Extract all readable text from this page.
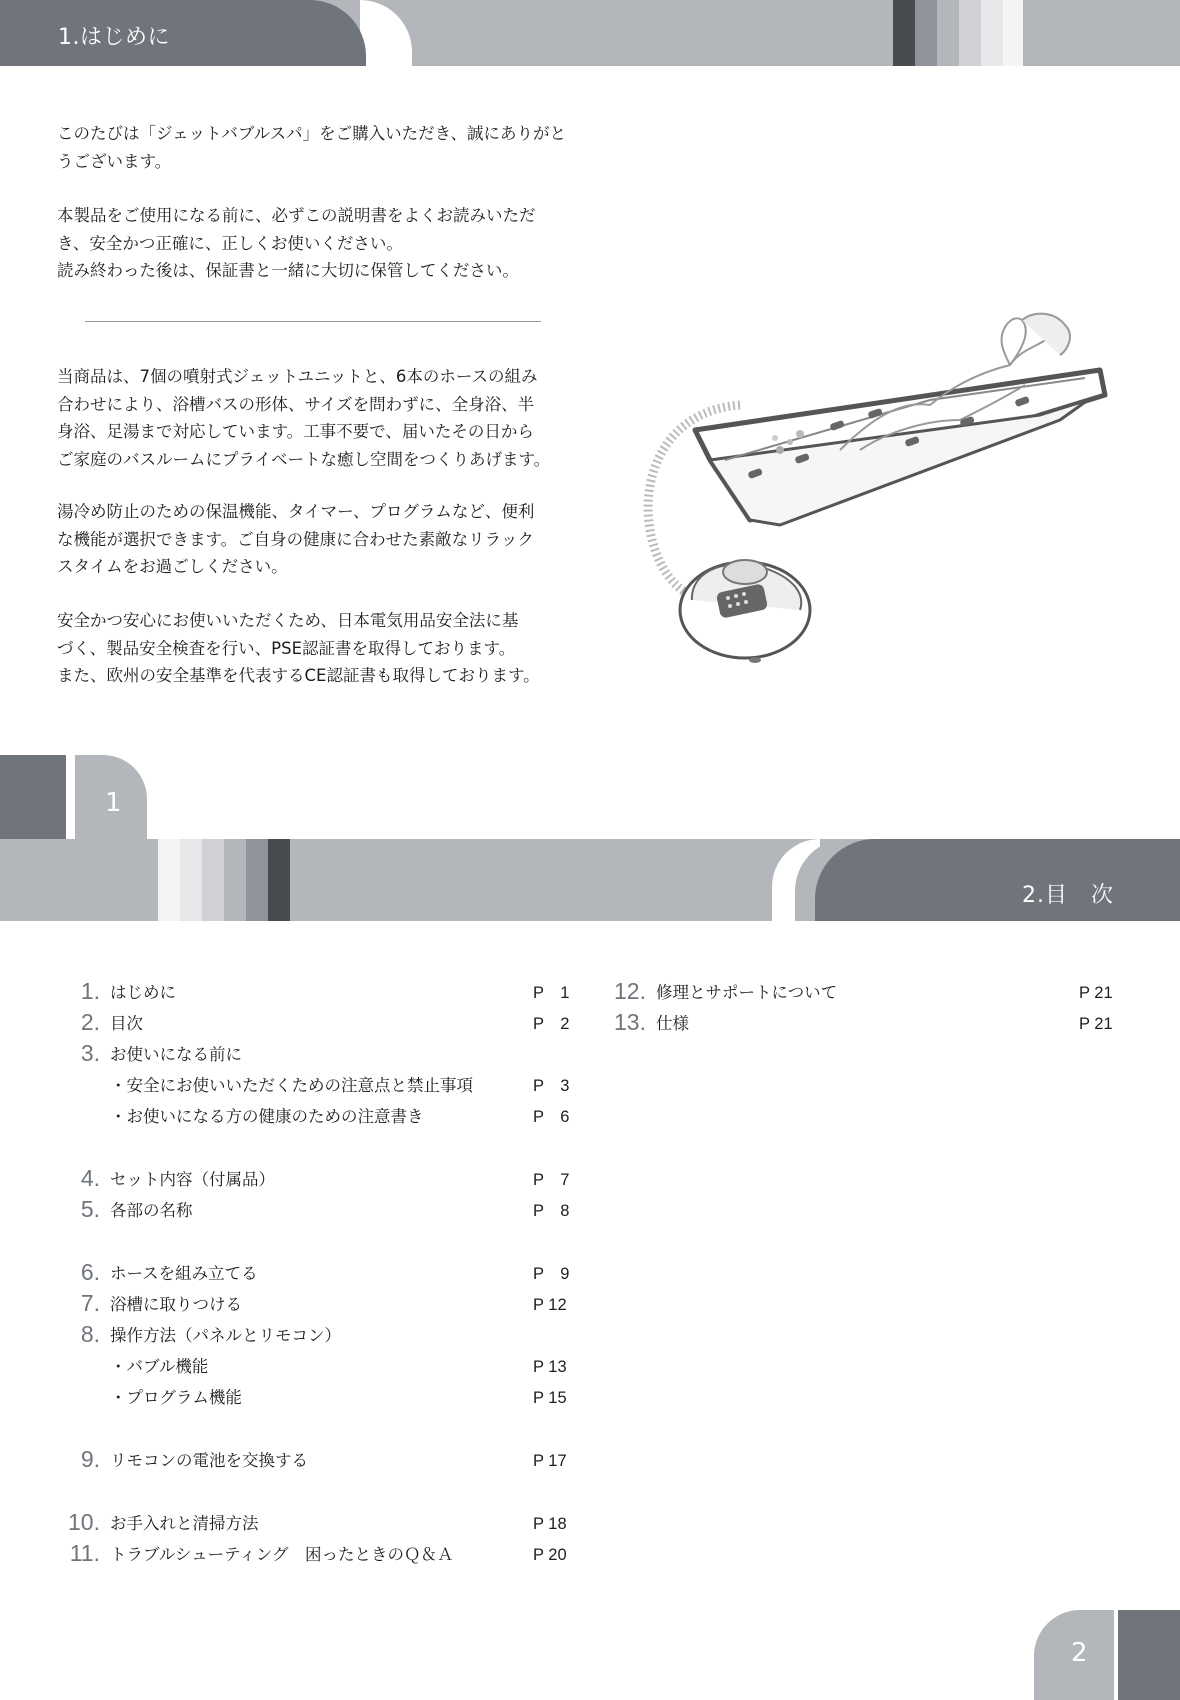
1.はじめに
このたびは「ジェットバブルスパ」をご購入いただき、誠にありがと
うございます。
本製品をご使用になる前に、必ずこの説明書をよくお読みいただ
き、安全かつ正確に、正しくお使いください。
読み終わった後は、保証書と一緒に大切に保管してください。
当商品は、7個の噴射式ジェットユニットと、6本のホースの組み
合わせにより、浴槽バスの形体、サイズを問わずに、全身浴、半
身浴、足湯まで対応しています。工事不要で、届いたその日から
ご家庭のバスルームにプライベートな癒し空間をつくりあげます。
湯冷め防止のための保温機能、タイマー、プログラムなど、便利
な機能が選択できます。ご自身の健康に合わせた素敵なリラック
スタイムをお過ごしください。
安全かつ安心にお使いいただくため、日本電気用品安全法に基
づく、製品安全検査を行い、PSE認証書を取得しております。
また、欧州の安全基準を代表するCE認証書も取得しております。
1
2.目　次
1. はじめに	P　1
2. 目次	P　2
3. お使いになる前に
・安全にお使いいただくための注意点と禁止事項	P　3
・お使いになる方の健康のための注意書き	P　6
4. セット内容（付属品）	P　7
5. 各部の名称	P　8
6. ホースを組み立てる	P　9
7. 浴槽に取りつける	P 12
8. 操作方法（パネルとリモコン）
・バブル機能	P 13
・プログラム機能	P 15
9. リモコンの電池を交換する	P 17
10. お手入れと清掃方法	P 18
11. トラブルシューティング　困ったときのＱ＆Ａ	P 20
12. 修理とサポートについて	P 21
13. 仕様	P 21
2
